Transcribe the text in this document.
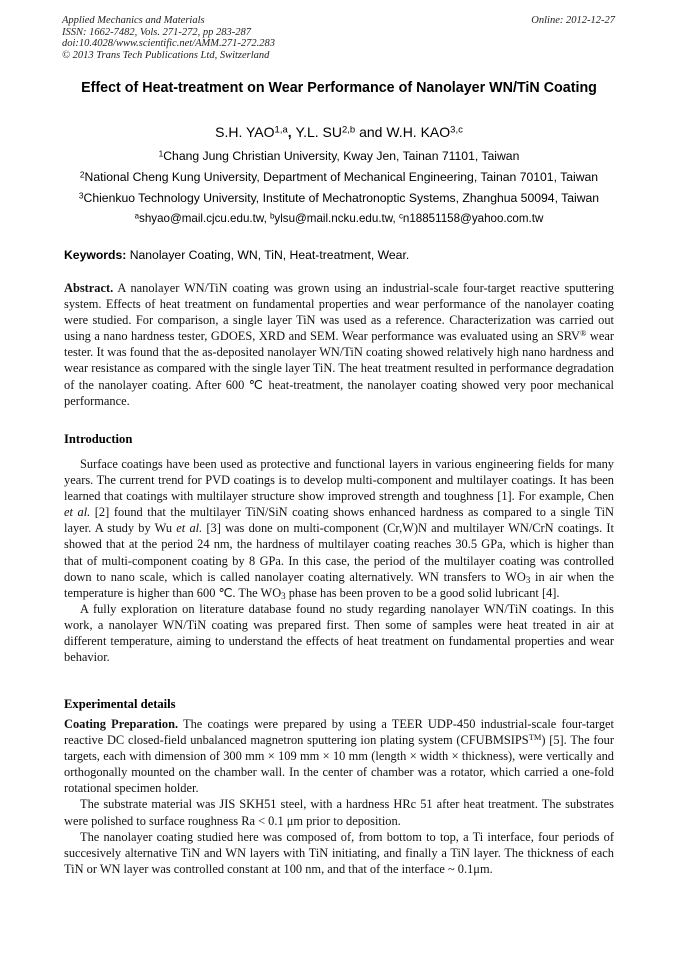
Applied Mechanics and Materials
ISSN: 1662-7482, Vols. 271-272, pp 283-287
doi:10.4028/www.scientific.net/AMM.271-272.283
© 2013 Trans Tech Publications Ltd, Switzerland
Online: 2012-12-27
Effect of Heat-treatment on Wear Performance of Nanolayer WN/TiN Coating
S.H. YAO$^{1,a}$, Y.L. SU$^{2,b}$ and W.H. KAO$^{3,c}$
$^1$Chang Jung Christian University, Kway Jen, Tainan 71101, Taiwan
$^2$National Cheng Kung University, Department of Mechanical Engineering, Tainan 70101, Taiwan
$^3$Chienkuo Technology University, Institute of Mechatronoptic Systems, Zhanghua 50094, Taiwan
$^a$shyao@mail.cjcu.edu.tw, $^b$ylsu@mail.ncku.edu.tw, $^c$n18851158@yahoo.com.tw
Keywords: Nanolayer Coating, WN, TiN, Heat-treatment, Wear.

Abstract. A nanolayer WN/TiN coating was grown using an industrial-scale four-target reactive sputtering system. Effects of heat treatment on fundamental properties and wear performance of the nanolayer coating were studied. For comparison, a single layer TiN was used as a reference. Characterization was carried out using a nano hardness tester, GDOES, XRD and SEM. Wear performance was evaluated using an SRV® wear tester. It was found that the as-deposited nanolayer WN/TiN coating showed relatively high nano hardness and wear resistance as compared with the single layer TiN. The heat treatment resulted in performance degradation of the nanolayer coating. After 600 ℃ heat-treatment, the nanolayer coating showed very poor mechanical performance.

Introduction

Surface coatings have been used as protective and functional layers in various engineering fields for many years. The current trend for PVD coatings is to develop multi-component and multilayer coatings. It has been learned that coatings with multilayer structure show improved strength and toughness [1]. For example, Chen et al. [2] found that the multilayer TiN/SiN coating shows enhanced hardness as compared to a single TiN layer. A study by Wu et al. [3] was done on multi-component (Cr,W)N and multilayer WN/CrN coatings. It showed that at the period 24 nm, the hardness of multilayer coating reaches 30.5 GPa, which is higher than that of multi-component coating by 8 GPa. In this case, the period of the multilayer coating was controlled down to nano scale, which is called nanolayer coating alternatively. WN transfers to $WO_3$ in air when the temperature is higher than 600 ℃. The $WO_3$ phase has been proven to be a good solid lubricant [4].

A fully exploration on literature database found no study regarding nanolayer WN/TiN coatings. In this work, a nanolayer WN/TiN coating was prepared first. Then some of samples were heat treated in air at different temperature, aiming to understand the effects of heat treatment on fundamental properties and wear behavior.

Experimental details

Coating Preparation. The coatings were prepared by using a TEER UDP-450 industrial-scale four-target reactive DC closed-field unbalanced magnetron sputtering ion plating system (CFUBMSIPS™) [5]. The four targets, each with dimension of 300 mm × 109 mm × 10 mm (length × width × thickness), were vertically and orthogonally mounted on the chamber wall. In the center of chamber was a rotator, which carried a one-fold rotational specimen holder.

The substrate material was JIS SKH51 steel, with a hardness HRc 51 after heat treatment. The substrates were polished to surface roughness Ra < 0.1 μm prior to deposition.

The nanolayer coating studied here was composed of, from bottom to top, a Ti interface, four periods of succesively alternative TiN and WN layers with TiN initiating, and finally a TiN layer. The thickness of each TiN or WN layer was controlled constant at 100 nm, and that of the interface ~ 0.1μm.
